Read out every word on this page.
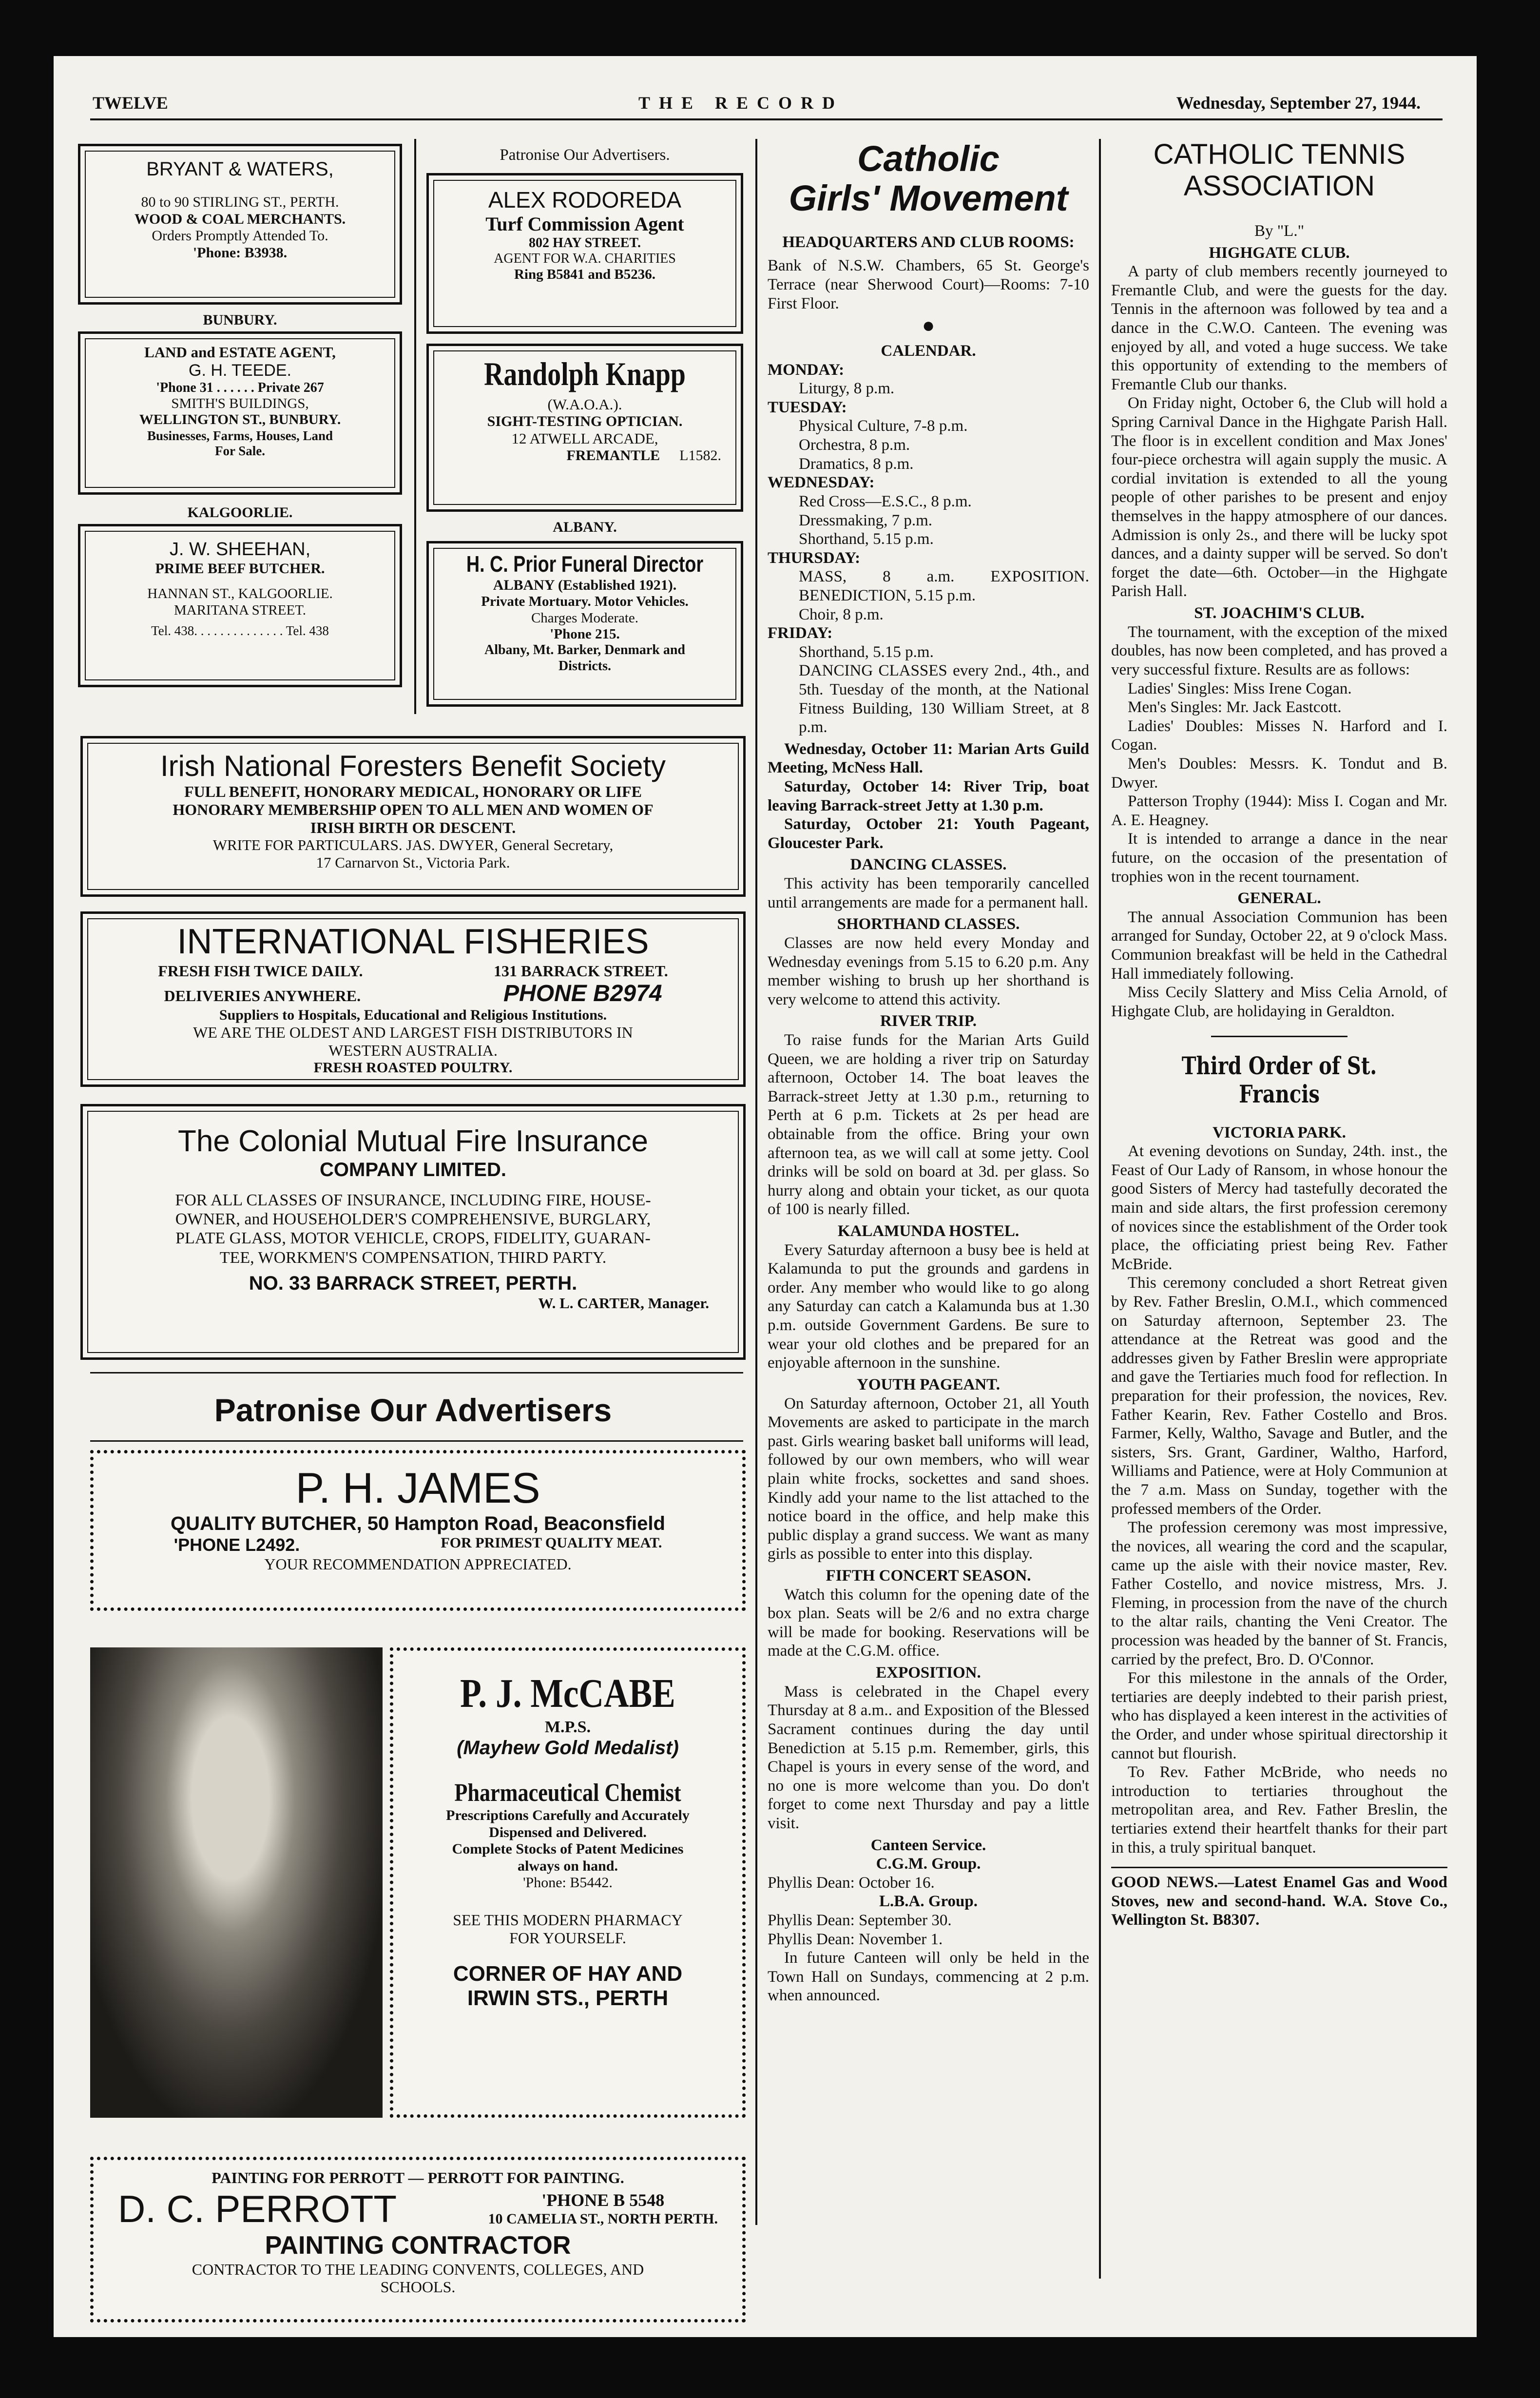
TWELVE	THE RECORD	Wednesday, September 27, 1944.
BRYANT & WATERS,
80 to 90 STIRLING ST., PERTH.
WOOD & COAL MERCHANTS.
Orders Promptly Attended To.
'Phone: B3938.
BUNBURY.
LAND and ESTATE AGENT,
G. H. TEEDE.
'Phone 31 . . . . . . Private 267
SMITH'S BUILDINGS,
WELLINGTON ST., BUNBURY.
Businesses, Farms, Houses, Land
For Sale.
KALGOORLIE.
J. W. SHEEHAN,
PRIME BEEF BUTCHER.
HANNAN ST., KALGOORLIE.
MARITANA STREET.
Tel. 438. . . . . . . . . . . . . . Tel. 438
Patronise Our Advertisers.
ALEX RODOREDA
Turf Commission Agent
802 HAY STREET.
AGENT FOR W.A. CHARITIES
Ring B5841 and B5236.
Randolph Knapp
(W.A.O.A.).
SIGHT-TESTING OPTICIAN.
12 ATWELL ARCADE,
FREMANTLE L1582.
ALBANY.
H. C. Prior Funeral Director
ALBANY (Established 1921).
Private Mortuary. Motor Vehicles.
Charges Moderate.
'Phone 215.
Albany, Mt. Barker, Denmark and
Districts.
Irish National Foresters Benefit Society
FULL BENEFIT, HONORARY MEDICAL, HONORARY OR LIFE
HONORARY MEMBERSHIP OPEN TO ALL MEN AND WOMEN OF
IRISH BIRTH OR DESCENT.
WRITE FOR PARTICULARS. JAS. DWYER, General Secretary,
17 Carnarvon St., Victoria Park.
INTERNATIONAL FISHERIES
FRESH FISH TWICE DAILY.	131 BARRACK STREET.
DELIVERIES ANYWHERE.	PHONE B2974
Suppliers to Hospitals, Educational and Religious Institutions.
WE ARE THE OLDEST AND LARGEST FISH DISTRIBUTORS IN
WESTERN AUSTRALIA.
FRESH ROASTED POULTRY.
The Colonial Mutual Fire Insurance
COMPANY LIMITED.
FOR ALL CLASSES OF INSURANCE, INCLUDING FIRE, HOUSE-
OWNER, and HOUSEHOLDER'S COMPREHENSIVE, BURGLARY,
PLATE GLASS, MOTOR VEHICLE, CROPS, FIDELITY, GUARAN-
TEE, WORKMEN'S COMPENSATION, THIRD PARTY.
NO. 33 BARRACK STREET, PERTH.
W. L. CARTER, Manager.
Patronise Our Advertisers
P. H. JAMES
QUALITY BUTCHER, 50 Hampton Road, Beaconsfield
'PHONE L2492.	FOR PRIMEST QUALITY MEAT.
YOUR RECOMMENDATION APPRECIATED.
P. J. McCABE
M.P.S.
(Mayhew Gold Medalist)
Pharmaceutical Chemist
Prescriptions Carefully and Accurately
Dispensed and Delivered.
Complete Stocks of Patent Medicines
always on hand.
'Phone: B5442.
SEE THIS MODERN PHARMACY
FOR YOURSELF.
CORNER OF HAY AND
IRWIN STS., PERTH
PAINTING FOR PERROTT — PERROTT FOR PAINTING.
D. C. PERROTT	'PHONE B 5548
10 CAMELIA ST., NORTH PERTH.
PAINTING CONTRACTOR
CONTRACTOR TO THE LEADING CONVENTS, COLLEGES, AND
SCHOOLS.
Catholic
Girls' Movement

HEADQUARTERS AND CLUB ROOMS:

Bank of N.S.W. Chambers, 65 St. George's Terrace (near Sherwood Court)—Rooms: 7-10 First Floor.

●

CALENDAR.

MONDAY:

Liturgy, 8 p.m.

TUESDAY:

Physical Culture, 7-8 p.m.

Orchestra, 8 p.m.

Dramatics, 8 p.m.

WEDNESDAY:

Red Cross—E.S.C., 8 p.m.

Dressmaking, 7 p.m.

Shorthand, 5.15 p.m.

THURSDAY:

MASS, 8 a.m. EXPOSITION. BENEDICTION, 5.15 p.m.

Choir, 8 p.m.

FRIDAY:

Shorthand, 5.15 p.m.

DANCING CLASSES every 2nd., 4th., and 5th. Tuesday of the month, at the National Fitness Building, 130 William Street, at 8 p.m.

Wednesday, October 11: Marian Arts Guild Meeting, McNess Hall.

Saturday, October 14: River Trip, boat leaving Barrack-street Jetty at 1.30 p.m.

Saturday, October 21: Youth Pageant, Gloucester Park.

DANCING CLASSES.

This activity has been temporarily cancelled until arrangements are made for a permanent hall.

SHORTHAND CLASSES.

Classes are now held every Monday and Wednesday evenings from 5.15 to 6.20 p.m. Any member wishing to brush up her shorthand is very welcome to attend this activity.

RIVER TRIP.

To raise funds for the Marian Arts Guild Queen, we are holding a river trip on Saturday afternoon, October 14. The boat leaves the Barrack-street Jetty at 1.30 p.m., returning to Perth at 6 p.m. Tickets at 2s per head are obtainable from the office. Bring your own afternoon tea, as we will call at some jetty. Cool drinks will be sold on board at 3d. per glass. So hurry along and obtain your ticket, as our quota of 100 is nearly filled.

KALAMUNDA HOSTEL.

Every Saturday afternoon a busy bee is held at Kalamunda to put the grounds and gardens in order. Any member who would like to go along any Saturday can catch a Kalamunda bus at 1.30 p.m. outside Government Gardens. Be sure to wear your old clothes and be prepared for an enjoyable afternoon in the sunshine.

YOUTH PAGEANT.

On Saturday afternoon, October 21, all Youth Movements are asked to participate in the march past. Girls wearing basket ball uniforms will lead, followed by our own members, who will wear plain white frocks, sockettes and sand shoes. Kindly add your name to the list attached to the notice board in the office, and help make this public display a grand success. We want as many girls as possible to enter into this display.

FIFTH CONCERT SEASON.

Watch this column for the opening date of the box plan. Seats will be 2/6 and no extra charge will be made for booking. Reservations will be made at the C.G.M. office.

EXPOSITION.

Mass is celebrated in the Chapel every Thursday at 8 a.m.. and Exposition of the Blessed Sacrament continues during the day until Benediction at 5.15 p.m. Remember, girls, this Chapel is yours in every sense of the word, and no one is more welcome than you. Do don't forget to come next Thursday and pay a little visit.

Canteen Service.

C.G.M. Group.

Phyllis Dean: October 16.

L.B.A. Group.

Phyllis Dean: September 30.

Phyllis Dean: November 1.

In future Canteen will only be held in the Town Hall on Sundays, commencing at 2 p.m. when announced.

CATHOLIC TENNIS
ASSOCIATION

By "L."

HIGHGATE CLUB.

A party of club members recently journeyed to Fremantle Club, and were the guests for the day. Tennis in the afternoon was followed by tea and a dance in the C.W.O. Canteen. The evening was enjoyed by all, and voted a huge success. We take this opportunity of extending to the members of Fremantle Club our thanks.

On Friday night, October 6, the Club will hold a Spring Carnival Dance in the Highgate Parish Hall. The floor is in excellent condition and Max Jones' four-piece orchestra will again supply the music. A cordial invitation is extended to all the young people of other parishes to be present and enjoy themselves in the happy atmosphere of our dances. Admission is only 2s., and there will be lucky spot dances, and a dainty supper will be served. So don't forget the date—6th. October—in the Highgate Parish Hall.

ST. JOACHIM'S CLUB.

The tournament, with the exception of the mixed doubles, has now been completed, and has proved a very successful fixture. Results are as follows:

Ladies' Singles: Miss Irene Cogan.

Men's Singles: Mr. Jack Eastcott.

Ladies' Doubles: Misses N. Harford and I. Cogan.

Men's Doubles: Messrs. K. Tondut and B. Dwyer.

Patterson Trophy (1944): Miss I. Cogan and Mr. A. E. Heagney.

It is intended to arrange a dance in the near future, on the occasion of the presentation of trophies won in the recent tournament.

GENERAL.

The annual Association Communion has been arranged for Sunday, October 22, at 9 o'clock Mass. Communion breakfast will be held in the Cathedral Hall immediately following.

Miss Cecily Slattery and Miss Celia Arnold, of Highgate Club, are holidaying in Geraldton.

Third Order of St. Francis

VICTORIA PARK.

At evening devotions on Sunday, 24th. inst., the Feast of Our Lady of Ransom, in whose honour the good Sisters of Mercy had tastefully decorated the main and side altars, the first profession ceremony of novices since the establishment of the Order took place, the officiating priest being Rev. Father McBride.

This ceremony concluded a short Retreat given by Rev. Father Breslin, O.M.I., which commenced on Saturday afternoon, September 23. The attendance at the Retreat was good and the addresses given by Father Breslin were appropriate and gave the Tertiaries much food for reflection. In preparation for their profession, the novices, Rev. Father Kearin, Rev. Father Costello and Bros. Farmer, Kelly, Waltho, Savage and Butler, and the sisters, Srs. Grant, Gardiner, Waltho, Harford, Williams and Patience, were at Holy Communion at the 7 a.m. Mass on Sunday, together with the professed members of the Order.

The profession ceremony was most impressive, the novices, all wearing the cord and the scapular, came up the aisle with their novice master, Rev. Father Costello, and novice mistress, Mrs. J. Fleming, in procession from the nave of the church to the altar rails, chanting the Veni Creator. The procession was headed by the banner of St. Francis, carried by the prefect, Bro. D. O'Connor.

For this milestone in the annals of the Order, tertiaries are deeply indebted to their parish priest, who has displayed a keen interest in the activities of the Order, and under whose spiritual directorship it cannot but flourish.

To Rev. Father McBride, who needs no introduction to tertiaries throughout the metropolitan area, and Rev. Father Breslin, the tertiaries extend their heartfelt thanks for their part in this, a truly spiritual banquet.

GOOD NEWS.—Latest Enamel Gas and Wood Stoves, new and second-hand. W.A. Stove Co., Wellington St. B8307.
